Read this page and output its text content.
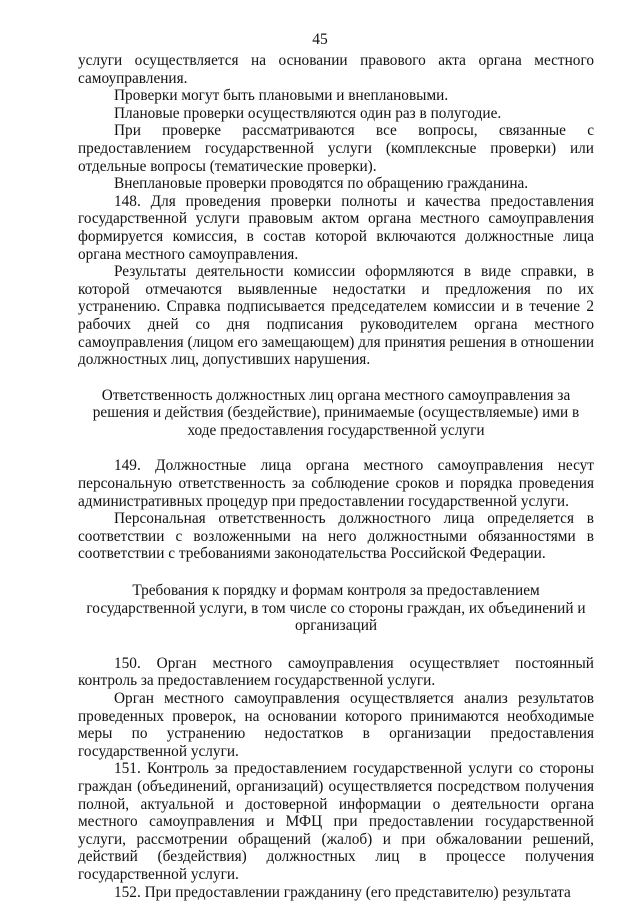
45

услуги осуществляется на основании правового акта органа местного самоуправления.

Проверки могут быть плановыми и внеплановыми.

Плановые проверки осуществляются один раз в полугодие.

При проверке рассматриваются все вопросы, связанные с предоставлением государственной услуги (комплексные проверки) или отдельные вопросы (тематические проверки).

Внеплановые проверки проводятся по обращению гражданина.

148. Для проведения проверки полноты и качества предоставления государственной услуги правовым актом органа местного самоуправления формируется комиссия, в состав которой включаются должностные лица органа местного самоуправления.

Результаты деятельности комиссии оформляются в виде справки, в которой отмечаются выявленные недостатки и предложения по их устранению. Справка подписывается председателем комиссии и в течение 2 рабочих дней со дня подписания руководителем органа местного самоуправления (лицом его замещающем) для принятия решения в отношении должностных лиц, допустивших нарушения.

Ответственность должностных лиц органа местного самоуправления за решения и действия (бездействие), принимаемые (осуществляемые) ими в ходе предоставления государственной услуги

149. Должностные лица органа местного самоуправления несут персональную ответственность за соблюдение сроков и порядка проведения административных процедур при предоставлении государственной услуги.

Персональная ответственность должностного лица определяется в соответствии с возложенными на него должностными обязанностями в соответствии с требованиями законодательства Российской Федерации.

Требования к порядку и формам контроля за предоставлением государственной услуги, в том числе со стороны граждан, их объединений и организаций

150. Орган местного самоуправления осуществляет постоянный контроль за предоставлением государственной услуги.

Орган местного самоуправления осуществляется анализ результатов проведенных проверок, на основании которого принимаются необходимые меры по устранению недостатков в организации предоставления государственной услуги.

151. Контроль за предоставлением государственной услуги со стороны граждан (объединений, организаций) осуществляется посредством получения полной, актуальной и достоверной информации о деятельности органа местного самоуправления и МФЦ при предоставлении государственной услуги, рассмотрении обращений (жалоб) и при обжаловании решений, действий (бездействия) должностных лиц в процессе получения государственной услуги.

152. При предоставлении гражданину (его представителю) результата
